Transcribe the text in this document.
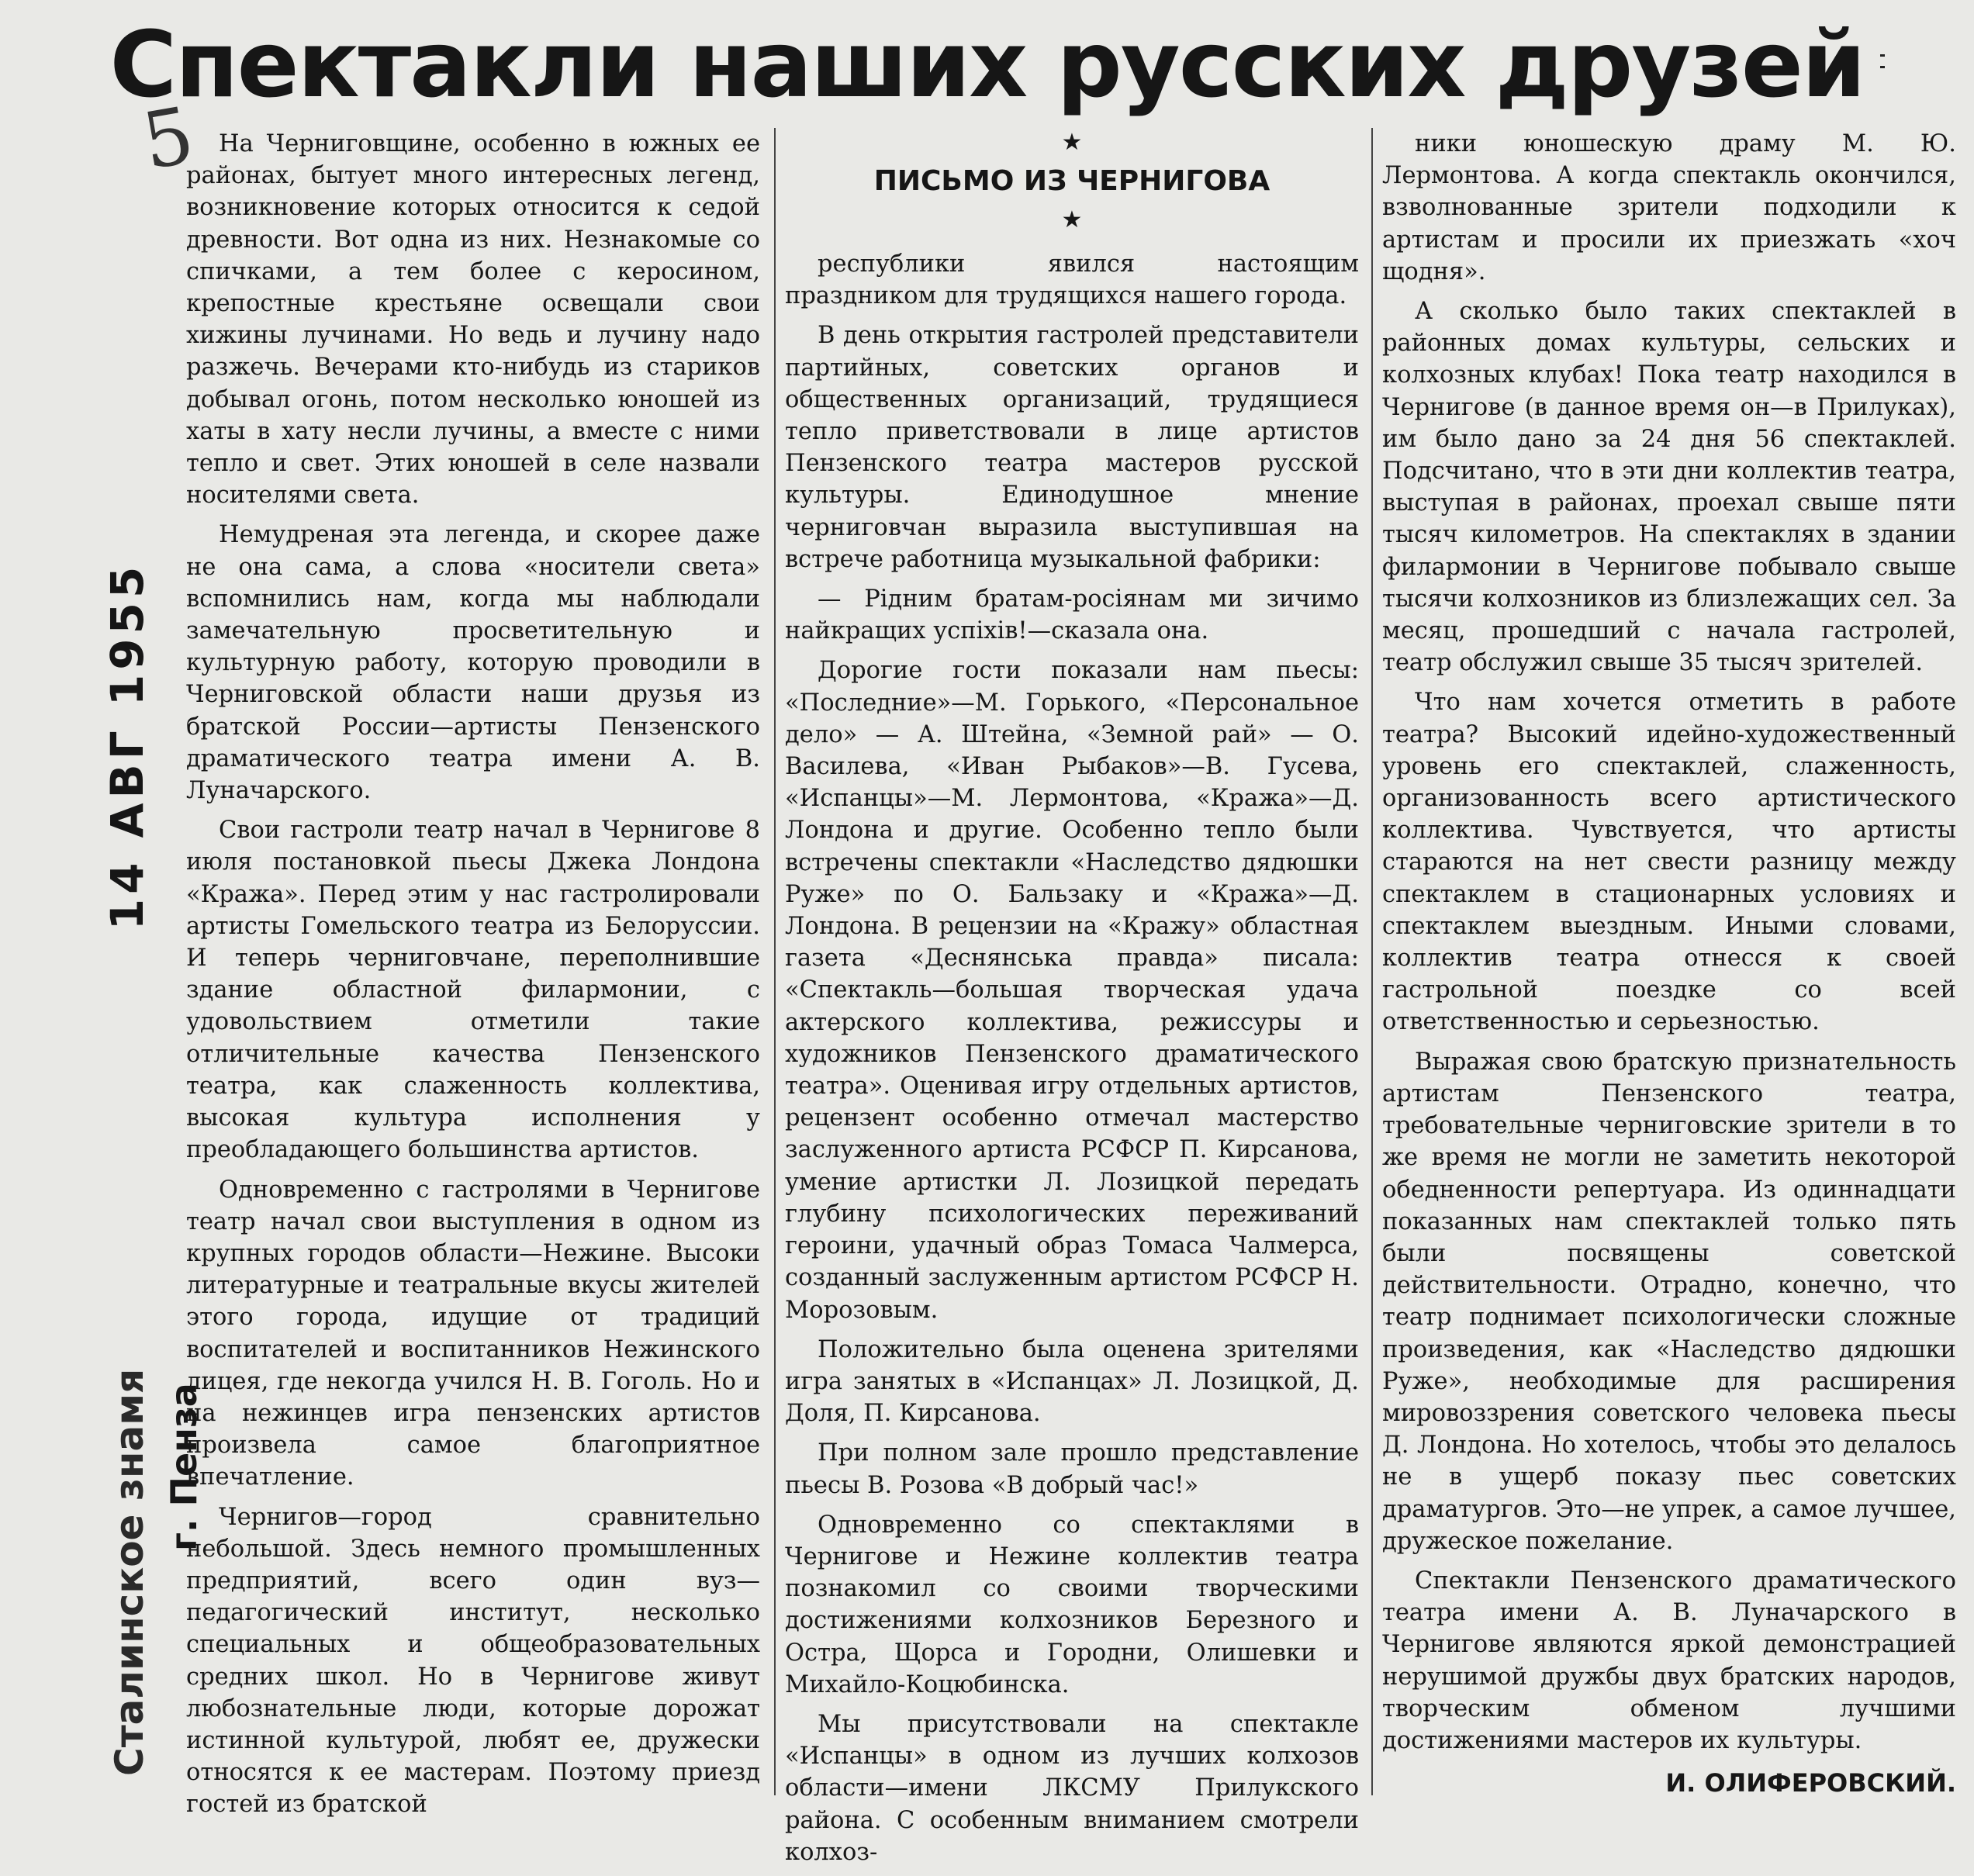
Спектакли наших русских друзей
5
Сталинское знамя 14 АВГ 1955
г. Пенза

На Черниговщине, особенно в южных ее районах, бытует много интересных легенд, возникновение которых относится к седой древности. Вот одна из них. Незнакомые со спичками, а тем более с керосином, крепостные крестьяне освещали свои хижины лучинами. Но ведь и лучину надо разжечь. Вечерами кто-нибудь из стариков добывал огонь, потом несколько юношей из хаты в хату несли лучины, а вместе с ними тепло и свет. Этих юношей в селе назвали носителями света.

Немудреная эта легенда, и скорее даже не она сама, а слова «носители света» вспомнились нам, когда мы наблюдали замечательную просветительную и культурную работу, которую проводили в Черниговской области наши друзья из братской России—артисты Пензенского драматического театра имени А. В. Луначарского.

Свои гастроли театр начал в Чернигове 8 июля постановкой пьесы Джека Лондона «Кража». Перед этим у нас гастролировали артисты Гомельского театра из Белоруссии. И теперь черниговчане, переполнившие здание областной филармонии, с удовольствием отметили такие отличительные качества Пензенского театра, как слаженность коллектива, высокая культура исполнения у преобладающего большинства артистов.

Одновременно с гастролями в Чернигове театр начал свои выступления в одном из крупных городов области—Нежине. Высоки литературные и театральные вкусы жителей этого города, идущие от традиций воспитателей и воспитанников Нежинского лицея, где некогда учился Н. В. Гоголь. Но и на нежинцев игра пензенских артистов произвела самое благоприятное впечатление.

Чернигов—город сравнительно небольшой. Здесь немного промышленных предприятий, всего один вуз—педагогический институт, несколько специальных и общеобразовательных средних школ. Но в Чернигове живут любознательные люди, которые дорожат истинной культурой, любят ее, дружески относятся к ее мастерам. Поэтому приезд гостей из братской

★
ПИСЬМО ИЗ ЧЕРНИГОВА
★

республики явился настоящим праздником для трудящихся нашего города.

В день открытия гастролей представители партийных, советских органов и общественных организаций, трудящиеся тепло приветствовали в лице артистов Пензенского театра мастеров русской культуры. Единодушное мнение черниговчан выразила выступившая на встрече работница музыкальной фабрики:

— Рідним братам-росіянам ми зичимо найкращих успіхів!—сказала она.

Дорогие гости показали нам пьесы: «Последние»—М. Горького, «Персональное дело» — А. Штейна, «Земной рай» — О. Василева, «Иван Рыбаков»—В. Гусева, «Испанцы»—М. Лермонтова, «Кража»—Д. Лондона и другие. Особенно тепло были встречены спектакли «Наследство дядюшки Руже» по О. Бальзаку и «Кража»—Д. Лондона. В рецензии на «Кражу» областная газета «Деснянська правда» писала: «Спектакль—большая творческая удача актерского коллектива, режиссуры и художников Пензенского драматического театра». Оценивая игру отдельных артистов, рецензент особенно отмечал мастерство заслуженного артиста РСФСР П. Кирсанова, умение артистки Л. Лозицкой передать глубину психологических переживаний героини, удачный образ Томаса Чалмерса, созданный заслуженным артистом РСФСР Н. Морозовым.

Положительно была оценена зрителями игра занятых в «Испанцах» Л. Лозицкой, Д. Доля, П. Кирсанова.

При полном зале прошло представление пьесы В. Розова «В добрый час!»

Одновременно со спектаклями в Чернигове и Нежине коллектив театра познакомил со своими творческими достижениями колхозников Березного и Остра, Щорса и Городни, Олишевки и Михайло-Коцюбинска.

Мы присутствовали на спектакле «Испанцы» в одном из лучших колхозов области—имени ЛКСМУ Прилукского района. С особенным вниманием смотрели колхоз-

ники юношескую драму М. Ю. Лермонтова. А когда спектакль окончился, взволнованные зрители подходили к артистам и просили их приезжать «хоч щодня».

А сколько было таких спектаклей в районных домах культуры, сельских и колхозных клубах! Пока театр находился в Чернигове (в данное время он—в Прилуках), им было дано за 24 дня 56 спектаклей. Подсчитано, что в эти дни коллектив театра, выступая в районах, проехал свыше пяти тысяч километров. На спектаклях в здании филармонии в Чернигове побывало свыше тысячи колхозников из близлежащих сел. За месяц, прошедший с начала гастролей, театр обслужил свыше 35 тысяч зрителей.

Что нам хочется отметить в работе театра? Высокий идейно-художественный уровень его спектаклей, слаженность, организованность всего артистического коллектива. Чувствуется, что артисты стараются на нет свести разницу между спектаклем в стационарных условиях и спектаклем выездным. Иными словами, коллектив театра отнесся к своей гастрольной поездке со всей ответственностью и серьезностью.

Выражая свою братскую признательность артистам Пензенского театра, требовательные черниговские зрители в то же время не могли не заметить некоторой обедненности репертуара. Из одиннадцати показанных нам спектаклей только пять были посвящены советской действительности. Отрадно, конечно, что театр поднимает психологически сложные произведения, как «Наследство дядюшки Руже», необходимые для расширения мировоззрения советского человека пьесы Д. Лондона. Но хотелось, чтобы это делалось не в ущерб показу пьес советских драматургов. Это—не упрек, а самое лучшее, дружеское пожелание.

Спектакли Пензенского драматического театра имени А. В. Луначарского в Чернигове являются яркой демонстрацией нерушимой дружбы двух братских народов, творческим обменом лучшими достижениями мастеров их культуры.

И. ОЛИФЕРОВСКИЙ.
